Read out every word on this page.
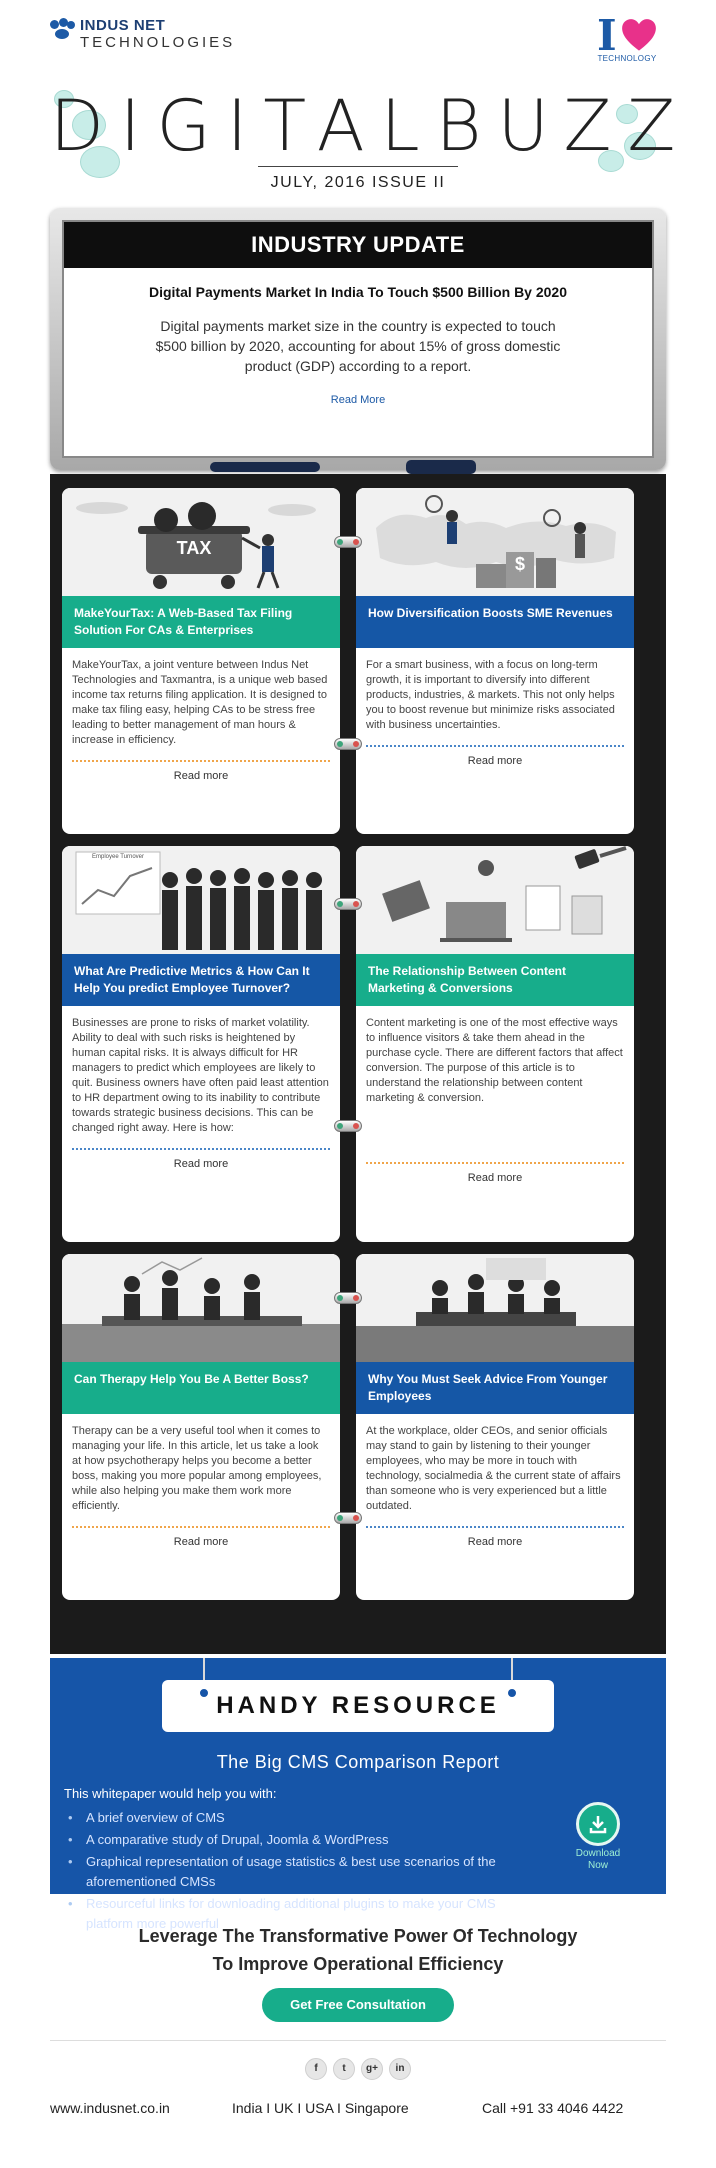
INDUS NET
TECHNOLOGIES	I
TECHNOLOGY
DIGITALBUZZ
JULY, 2016 ISSUE II
INDUSTRY UPDATE
Digital Payments Market In India To Touch $500 Billion By 2020
Digital payments market size in the country is expected to touch $500 billion by 2020, accounting for about 15% of gross domestic product (GDP) according to a report.
Read More
TAX
MakeYourTax: A Web-Based Tax Filing Solution For CAs & Enterprises
MakeYourTax, a joint venture between Indus Net Technologies and Taxmantra, is a unique web based income tax returns filing application. It is designed to make tax filing easy, helping CAs to be stress free leading to better management of man hours & increase in efficiency.
Read more
$
How Diversification Boosts SME Revenues
For a smart business, with a focus on long-term growth, it is important to diversify into different products, industries, & markets. This not only helps you to boost revenue but minimize risks associated with business uncertainties.
Read more
Employee Turnover
What Are Predictive Metrics & How Can It Help You predict Employee Turnover?
Businesses are prone to risks of market volatility. Ability to deal with such risks is heightened by human capital risks. It is always difficult for HR managers to predict which employees are likely to quit. Business owners have often paid least attention to HR department owing to its inability to contribute towards strategic business decisions. This can be changed right away. Here is how:
Read more
The Relationship Between Content Marketing & Conversions
Content marketing is one of the most effective ways to influence visitors & take them ahead in the purchase cycle. There are different factors that affect conversion. The purpose of this article is to understand the relationship between content marketing & conversion.
Read more
Can Therapy Help You Be A Better Boss?
Therapy can be a very useful tool when it comes to managing your life. In this article, let us take a look at how psychotherapy helps you become a better boss, making you more popular among employees, while also helping you make them work more efficiently.
Read more
Why You Must Seek Advice From Younger Employees
At the workplace, older CEOs, and senior officials may stand to gain by listening to their younger employees, who may be more in touch with technology, socialmedia & the current state of affairs than someone who is very experienced but a little outdated.
Read more
HANDY RESOURCE
The Big CMS Comparison Report
This whitepaper would help you with:
• A brief overview of CMS
• A comparative study of Drupal, Joomla & WordPress
• Graphical representation of usage statistics & best use scenarios of the aforementioned CMSs
• Resourceful links for downloading additional plugins to make your CMS platform more powerful
Download
Now
Leverage The Transformative Power Of Technology
To Improve Operational Efficiency
Get Free Consultation
f	t	g+	in
www.indusnet.co.in	India I UK I USA I Singapore	Call +91 33 4046 4422
